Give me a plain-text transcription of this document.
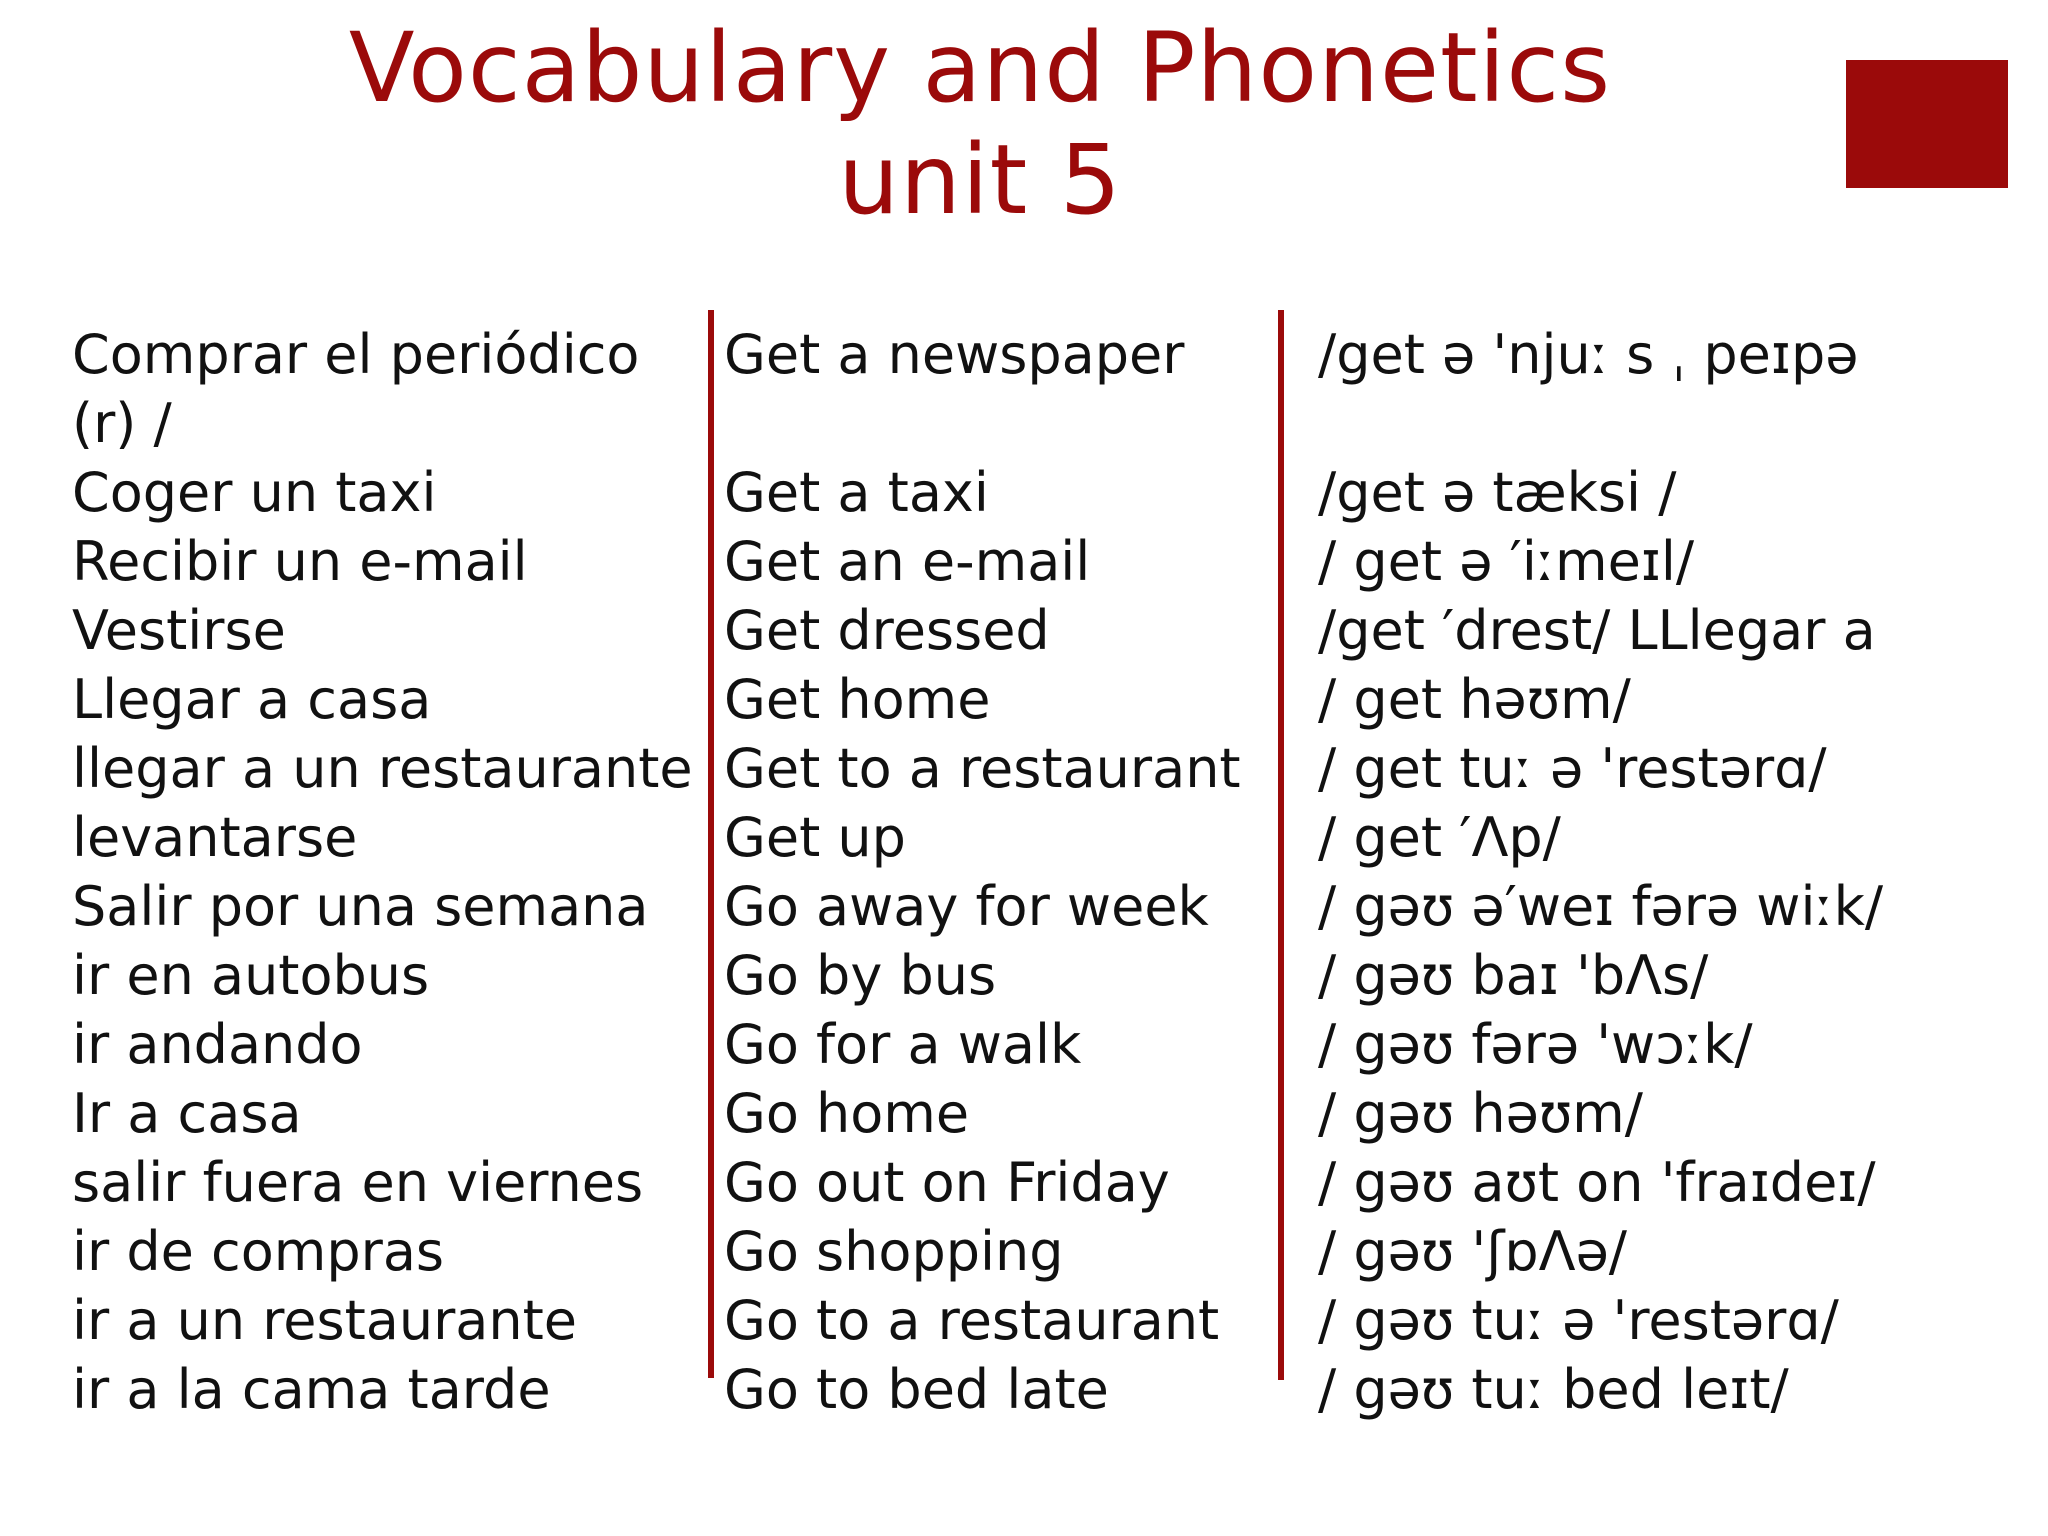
Vocabulary and Phonetics
unit 5
Comprar el periódico (r) /
Coger un taxi
Recibir un e-mail
Vestirse
Llegar a casa
llegar a un restaurante
levantarse
Salir por una semana
ir en autobus
ir andando
Ir a casa
salir fuera en viernes
ir de compras
ir a un restaurante
ir a la cama tarde
Get a newspaper
Get a taxi
Get an e-mail
Get dressed
Get home
Get to a restaurant
Get up
Go away for week
Go by bus
Go for a walk
Go home
Go out on Friday
Go shopping
Go to a restaurant
Go to bed late
/get ə 'njuː s ˌ peɪpə
/get ə tæksi /
/ get ə ′iːmeɪl/
/get ′drest/ LLlegar a
/ get həʊm/
/ get tuː ə 'restərɑ/
/ get ′Λp/
/ gəʊ ə′weɪ fərə wiːk/
/ gəʊ baɪ 'bΛs/
/ gəʊ fərə 'wɔːk/
/ gəʊ həʊm/
/ gəʊ aʊt on 'fraɪdeɪ/
/ gəʊ 'ʃɒΛə/
/ gəʊ tuː ə 'restərɑ/
/ gəʊ tuː bed leɪt/
